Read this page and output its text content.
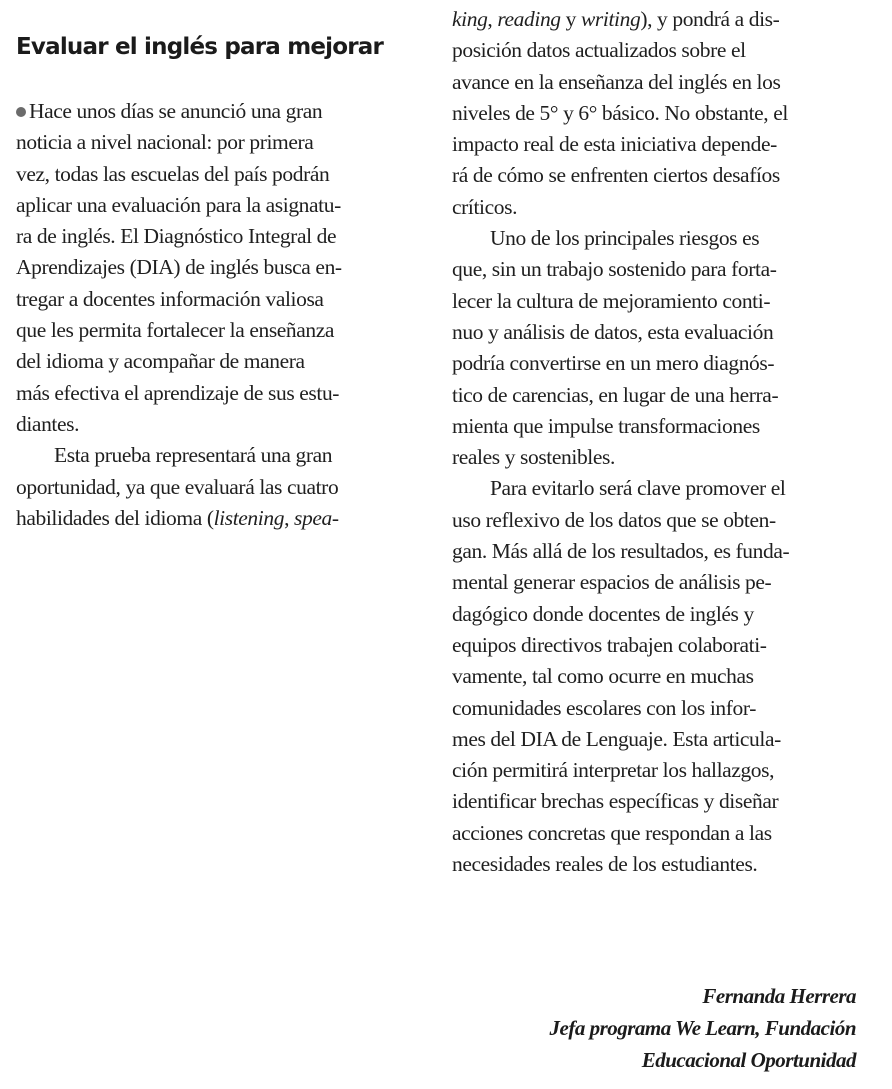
Evaluar el inglés para mejorar
Hace unos días se anunció una gran
noticia a nivel nacional: por primera
vez, todas las escuelas del país podrán
aplicar una evaluación para la asignatu-
ra de inglés. El Diagnóstico Integral de
Aprendizajes (DIA) de inglés busca en-
tregar a docentes información valiosa
que les permita fortalecer la enseñanza
del idioma y acompañar de manera
más efectiva el aprendizaje de sus estu-
diantes.
Esta prueba representará una gran
oportunidad, ya que evaluará las cuatro
habilidades del idioma (listening, spea-
king, reading y writing), y pondrá a dis-
posición datos actualizados sobre el
avance en la enseñanza del inglés en los
niveles de 5° y 6° básico. No obstante, el
impacto real de esta iniciativa depende-
rá de cómo se enfrenten ciertos desafíos
críticos.
Uno de los principales riesgos es
que, sin un trabajo sostenido para forta-
lecer la cultura de mejoramiento conti-
nuo y análisis de datos, esta evaluación
podría convertirse en un mero diagnós-
tico de carencias, en lugar de una herra-
mienta que impulse transformaciones
reales y sostenibles.
Para evitarlo será clave promover el
uso reflexivo de los datos que se obten-
gan. Más allá de los resultados, es funda-
mental generar espacios de análisis pe-
dagógico donde docentes de inglés y
equipos directivos trabajen colaborati-
vamente, tal como ocurre en muchas
comunidades escolares con los infor-
mes del DIA de Lenguaje. Esta articula-
ción permitirá interpretar los hallazgos,
identificar brechas específicas y diseñar
acciones concretas que respondan a las
necesidades reales de los estudiantes.
Fernanda Herrera
Jefa programa We Learn, Fundación
Educacional Oportunidad
